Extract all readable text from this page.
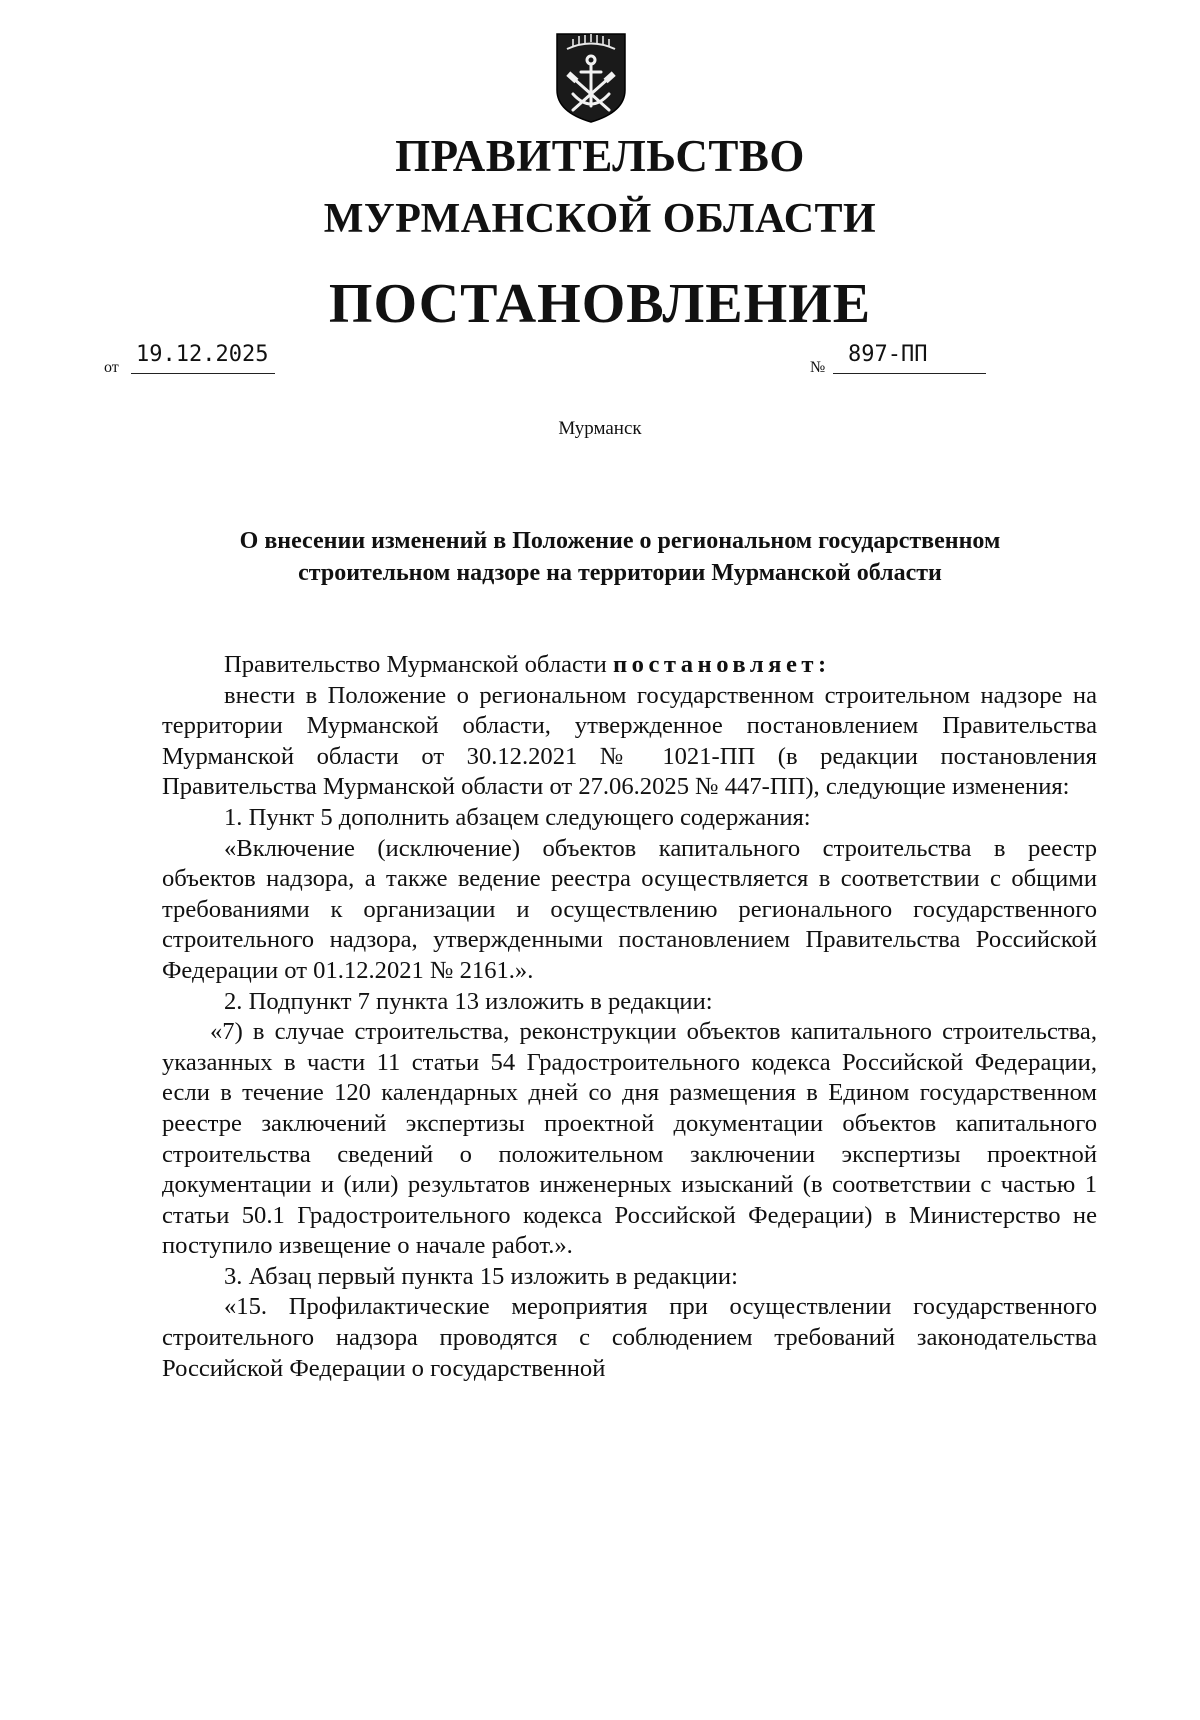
ПРАВИТЕЛЬСТВО
МУРМАНСКОЙ ОБЛАСТИ
ПОСТАНОВЛЕНИЕ
от
19.12.2025
№
897-ПП
Мурманск
О внесении изменений в Положение о региональном государственном
строительном надзоре на территории Мурманской области

Правительство Мурманской области постановляет:

внести в Положение о региональном государственном строительном надзоре на территории Мурманской области, утвержденное постановлением Правительства Мурманской области от 30.12.2021 № 1021-ПП (в редакции постановления Правительства Мурманской области от 27.06.2025 № 447-ПП), следующие изменения:

1. Пункт 5 дополнить абзацем следующего содержания:

«Включение (исключение) объектов капитального строительства в реестр объектов надзора, а также ведение реестра осуществляется в соответствии с общими требованиями к организации и осуществлению регионального государственного строительного надзора, утвержденными постановлением Правительства Российской Федерации от 01.12.2021 № 2161.».

2. Подпункт 7 пункта 13 изложить в редакции:

«7) в случае строительства, реконструкции объектов капитального строительства, указанных в части 11 статьи 54 Градостроительного кодекса Российской Федерации, если в течение 120 календарных дней со дня размещения в Едином государственном реестре заключений экспертизы проектной документации объектов капитального строительства сведений о положительном заключении экспертизы проектной документации и (или) результатов инженерных изысканий (в соответствии с частью 1 статьи 50.1 Градостроительного кодекса Российской Федерации) в Министерство не поступило извещение о начале работ.».

3. Абзац первый пункта 15 изложить в редакции:

«15. Профилактические мероприятия при осуществлении государственного строительного надзора проводятся с соблюдением требований законодательства Российской Федерации о государственной
